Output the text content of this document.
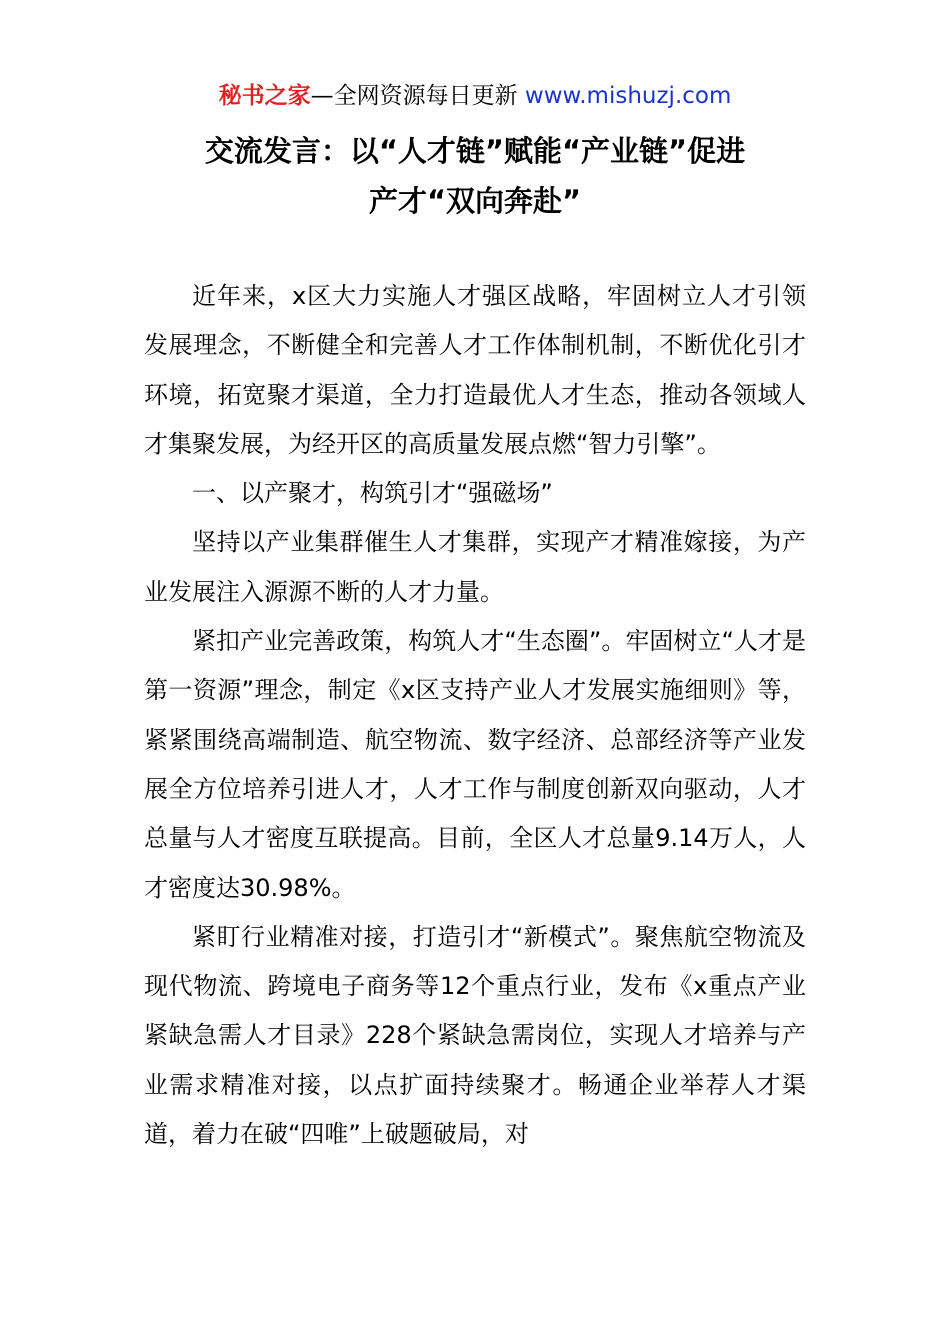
秘书之家—全网资源每日更新 www.mishuzj.com
交流发言：以“人才链”赋能“产业链”促进
产才“双向奔赴”

近年来，x区大力实施人才强区战略，牢固树立人才引领发展理念，不断健全和完善人才工作体制机制，不断优化引才环境，拓宽聚才渠道，全力打造最优人才生态，推动各领域人才集聚发展，为经开区的高质量发展点燃“智力引擎”。

一、以产聚才，构筑引才“强磁场”

坚持以产业集群催生人才集群，实现产才精准嫁接，为产业发展注入源源不断的人才力量。

紧扣产业完善政策，构筑人才“生态圈”。牢固树立“人才是第一资源”理念，制定《x区支持产业人才发展实施细则》等，紧紧围绕高端制造、航空物流、数字经济、总部经济等产业发展全方位培养引进人才，人才工作与制度创新双向驱动，人才总量与人才密度互联提高。目前，全区人才总量9.14万人，人才密度达30.98%。

紧盯行业精准对接，打造引才“新模式”。聚焦航空物流及现代物流、跨境电子商务等12个重点行业，发布《x重点产业紧缺急需人才目录》228个紧缺急需岗位，实现人才培养与产业需求精准对接，以点扩面持续聚才。畅通企业举荐人才渠道，着力在破“四唯”上破题破局，对
